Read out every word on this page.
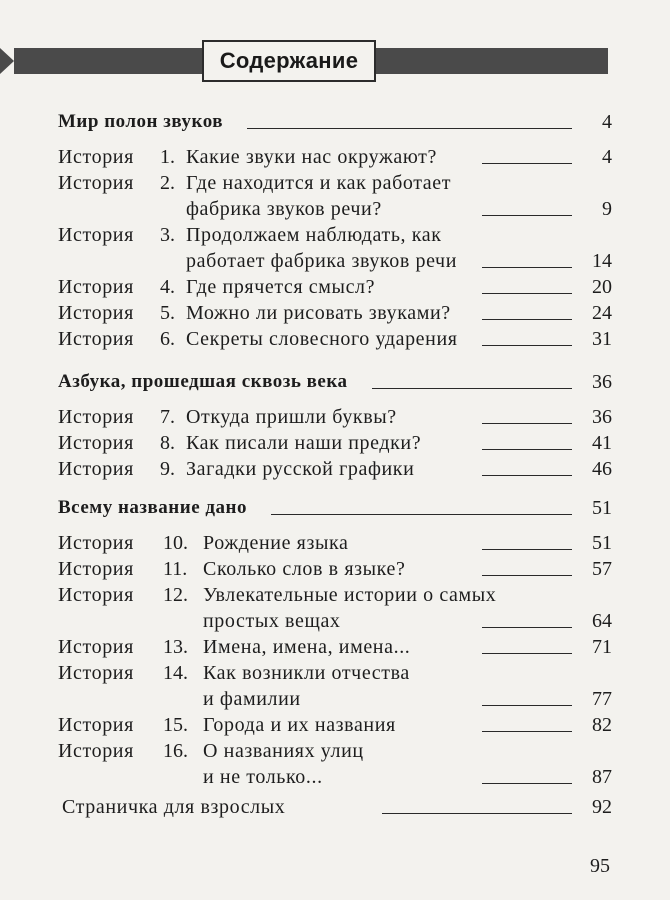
Содержание
Мир полон звуков	4
История 1. Какие звуки нас окружают?	4
История 2. Где находится и как работает
фабрика звуков речи?	9
История 3. Продолжаем наблюдать, как
работает фабрика звуков речи	14
История 4. Где прячется смысл?	20
История 5. Можно ли рисовать звуками?	24
История 6. Секреты словесного ударения	31
Азбука, прошедшая сквозь века	36
История 7. Откуда пришли буквы?	36
История 8. Как писали наши предки?	41
История 9. Загадки русской графики	46
Всему название дано	51
История 10. Рождение языка	51
История 11. Сколько слов в языке?	57
История 12. Увлекательные истории о самых
простых вещах	64
История 13. Имена, имена, имена...	71
История 14. Как возникли отчества
и фамилии	77
История 15. Города и их названия	82
История 16. О названиях улиц
и не только...	87
Страничка для взрослых	92
95
